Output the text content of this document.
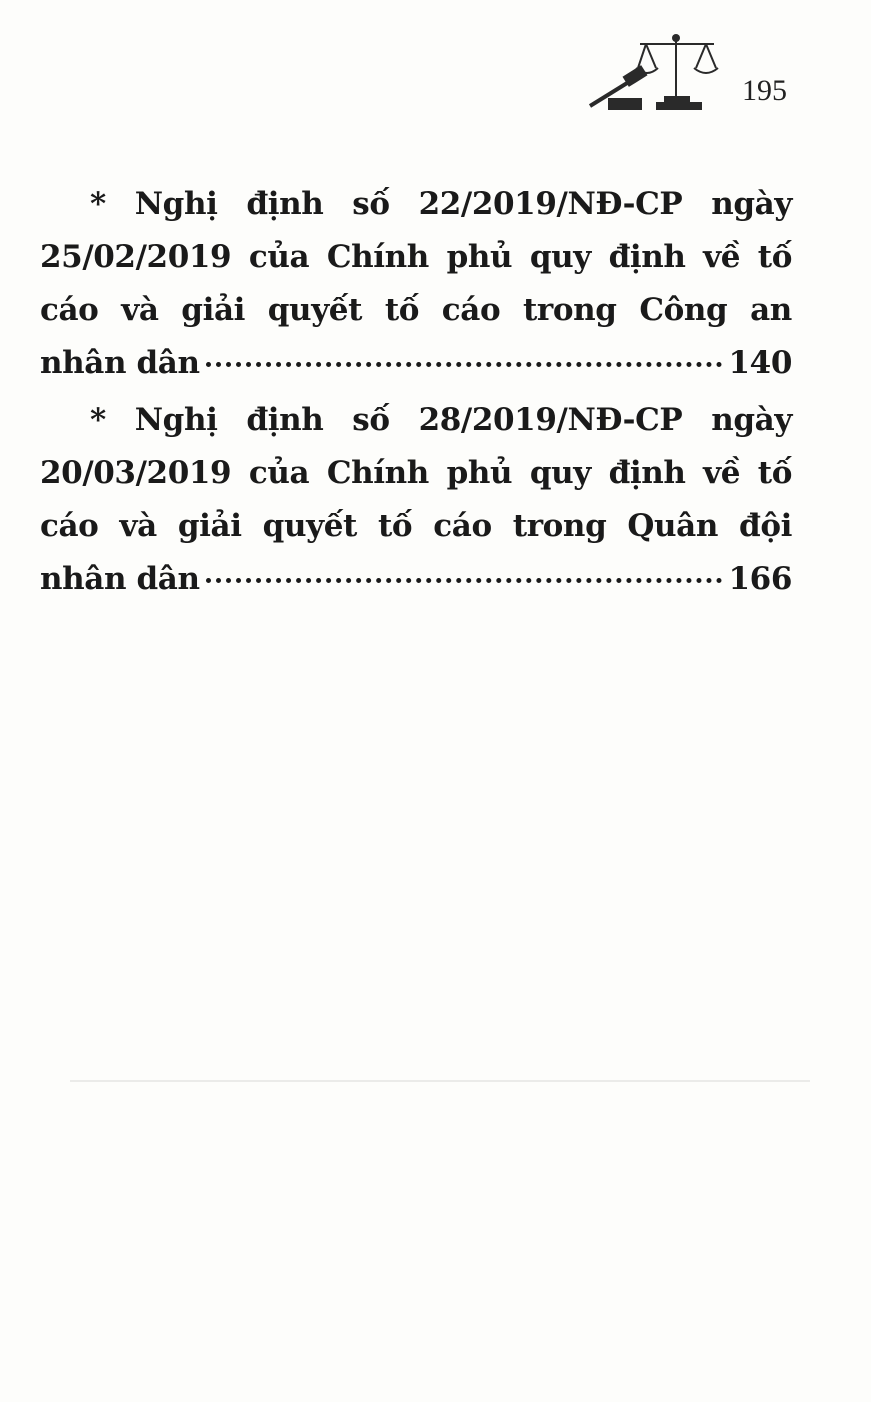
195
* Nghị định số 22/2019/NĐ-CP ngày
25/02/2019 của Chính phủ quy định về tố
cáo và giải quyết tố cáo trong Công an
nhân dân	140
* Nghị định số 28/2019/NĐ-CP ngày
20/03/2019 của Chính phủ quy định về tố
cáo và giải quyết tố cáo trong Quân đội
nhân dân	166
